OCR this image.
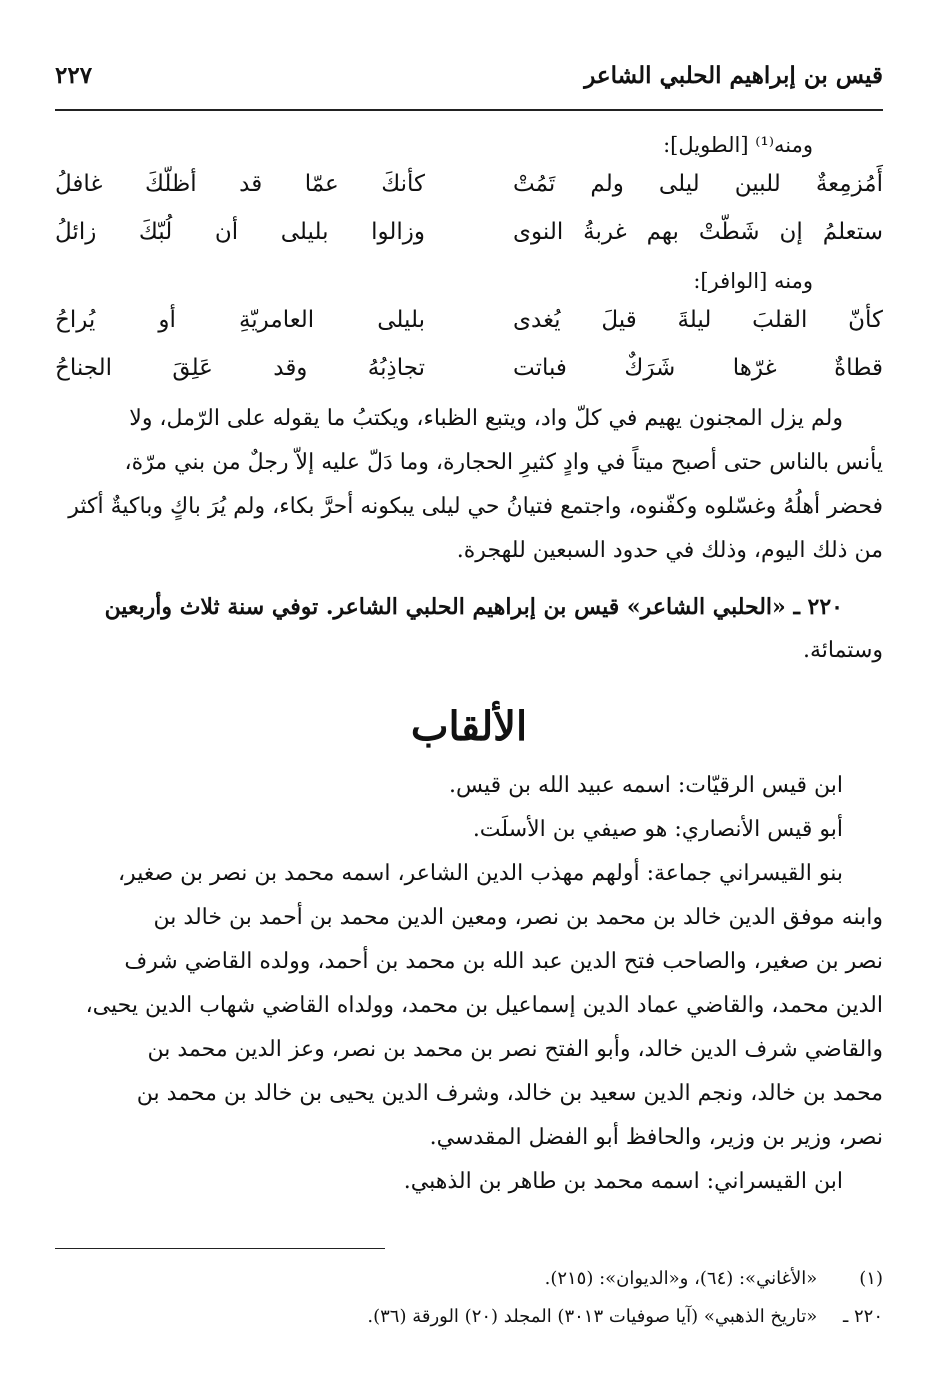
قيس بن إبراهيم الحلبي الشاعر
٢٢٧
ومنه⁽¹⁾ [الطويل]:
أَمُزمِعةٌ للبين ليلى ولم تَمُتْ
كأنكَ عمّا قد أظلّكَ غافلُ
ستعلمُ إن شَطّتْ بهم غربةُ النوى
وزالوا بليلى أن لُبّكَ زائلُ
ومنه [الوافر]:
كأنّ القلبَ ليلةَ قيلَ يُغدى
بليلى العامريّةِ أو يُراحُ
قطاةٌ غرّها شَرَكٌ فباتت
تجاذِبُهُ وقد عَلِقَ الجناحُ
ولم يزل المجنون يهيم في كلّ واد، ويتبع الظباء، ويكتبُ ما يقوله على الرّمل، ولا
يأنس بالناس حتى أصبح ميتاً في وادٍ كثيرِ الحجارة، وما دَلّ عليه إلاّ رجلٌ من بني مرّة،
فحضر أهلُهُ وغسّلوه وكفّنوه، واجتمع فتيانُ حي ليلى يبكونه أحرَّ بكاء، ولم يُرَ باكٍ وباكيةٌ أكثر
من ذلك اليوم، وذلك في حدود السبعين للهجرة.
٢٢٠ ـ «الحلبي الشاعر» قيس بن إبراهيم الحلبي الشاعر. توفي سنة ثلاث وأربعين
وستمائة.
الألقاب
ابن قيس الرقيّات: اسمه عبيد الله بن قيس.
أبو قيس الأنصاري: هو صيفي بن الأسلَت.
بنو القيسراني جماعة: أولهم مهذب الدين الشاعر، اسمه محمد بن نصر بن صغير،
وابنه موفق الدين خالد بن محمد بن نصر، ومعين الدين محمد بن أحمد بن خالد بن
نصر بن صغير، والصاحب فتح الدين عبد الله بن محمد بن أحمد، وولده القاضي شرف
الدين محمد، والقاضي عماد الدين إسماعيل بن محمد، وولداه القاضي شهاب الدين يحيى،
والقاضي شرف الدين خالد، وأبو الفتح نصر بن محمد بن نصر، وعز الدين محمد بن
محمد بن خالد، ونجم الدين سعيد بن خالد، وشرف الدين يحيى بن خالد بن محمد بن
نصر، وزير بن وزير، والحافظ أبو الفضل المقدسي.
ابن القيسراني: اسمه محمد بن طاهر بن الذهبي.
(١) «الأغاني»: (٦٤)، و«الديوان»: (٢١٥).
٢٢٠ ـ «تاريخ الذهبي» (آيا صوفيات ٣٠١٣) المجلد (٢٠) الورقة (٣٦).
